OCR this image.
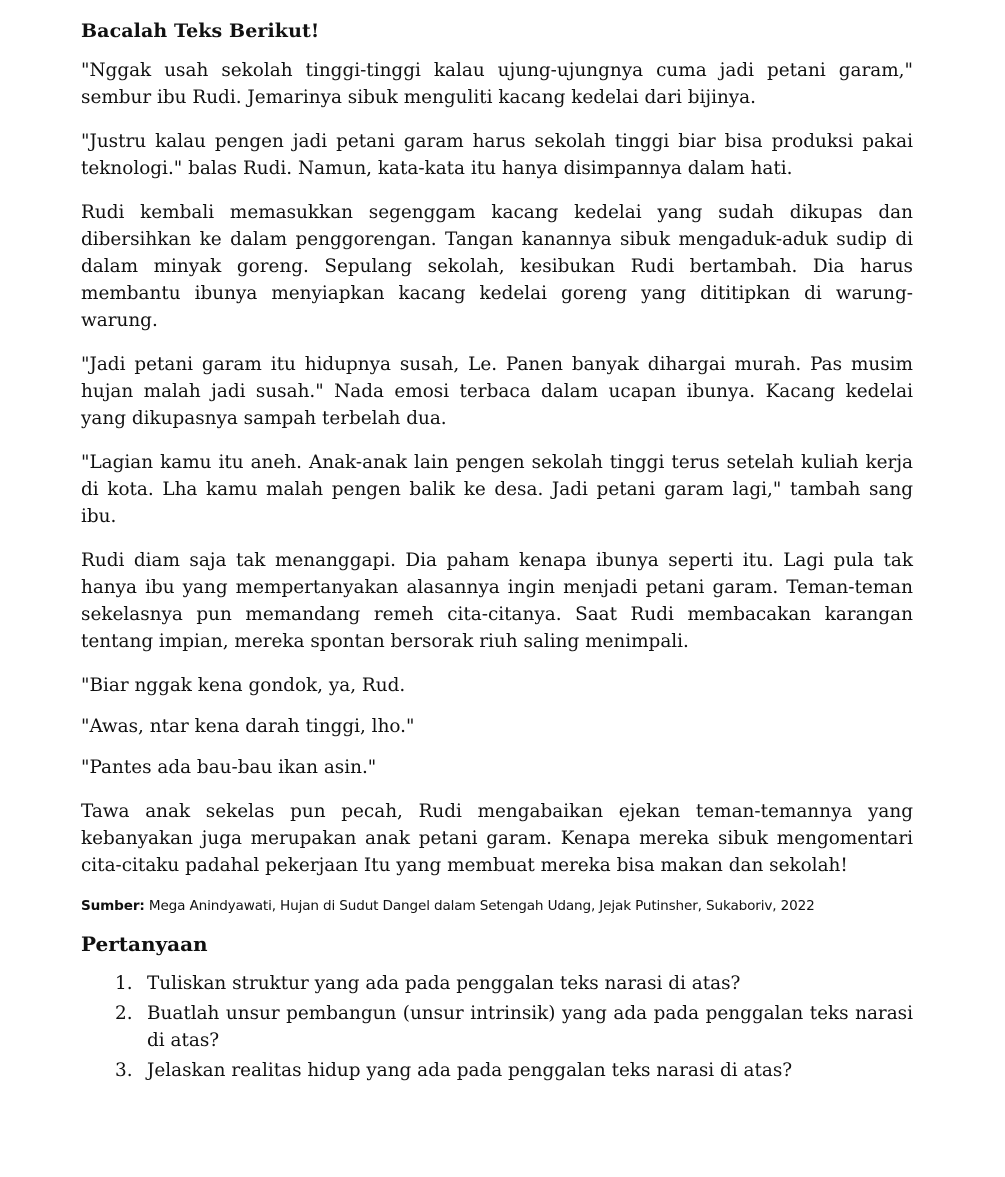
Bacalah Teks Berikut!

"Nggak usah sekolah tinggi-tinggi kalau ujung-ujungnya cuma jadi petani garam," sembur ibu Rudi. Jemarinya sibuk menguliti kacang kedelai dari bijinya.

"Justru kalau pengen jadi petani garam harus sekolah tinggi biar bisa produksi pakai teknologi." balas Rudi. Namun, kata-kata itu hanya disimpannya dalam hati.

Rudi kembali memasukkan segenggam kacang kedelai yang sudah dikupas dan dibersihkan ke dalam penggorengan. Tangan kanannya sibuk mengaduk-aduk sudip di dalam minyak goreng. Sepulang sekolah, kesibukan Rudi bertambah. Dia harus membantu ibunya menyiapkan kacang kedelai goreng yang dititipkan di warung-warung.

"Jadi petani garam itu hidupnya susah, Le. Panen banyak dihargai murah. Pas musim hujan malah jadi susah." Nada emosi terbaca dalam ucapan ibunya. Kacang kedelai yang dikupasnya sampah terbelah dua.

"Lagian kamu itu aneh. Anak-anak lain pengen sekolah tinggi terus setelah kuliah kerja di kota. Lha kamu malah pengen balik ke desa. Jadi petani garam lagi," tambah sang ibu.

Rudi diam saja tak menanggapi. Dia paham kenapa ibunya seperti itu. Lagi pula tak hanya ibu yang mempertanyakan alasannya ingin menjadi petani garam. Teman-teman sekelasnya pun memandang remeh cita-citanya. Saat Rudi membacakan karangan tentang impian, mereka spontan bersorak riuh saling menimpali.

"Biar nggak kena gondok, ya, Rud.

"Awas, ntar kena darah tinggi, lho."

"Pantes ada bau-bau ikan asin."

Tawa anak sekelas pun pecah, Rudi mengabaikan ejekan teman-temannya yang kebanyakan juga merupakan anak petani garam. Kenapa mereka sibuk mengomentari cita-citaku padahal pekerjaan Itu yang membuat mereka bisa makan dan sekolah!

Sumber: Mega Anindyawati, Hujan di Sudut Dangel dalam Setengah Udang, Jejak Putinsher, Sukaboriv, 2022
Pertanyaan
1. Tuliskan struktur yang ada pada penggalan teks narasi di atas?
2. Buatlah unsur pembangun (unsur intrinsik) yang ada pada penggalan teks narasi di atas?
3. Jelaskan realitas hidup yang ada pada penggalan teks narasi di atas?
